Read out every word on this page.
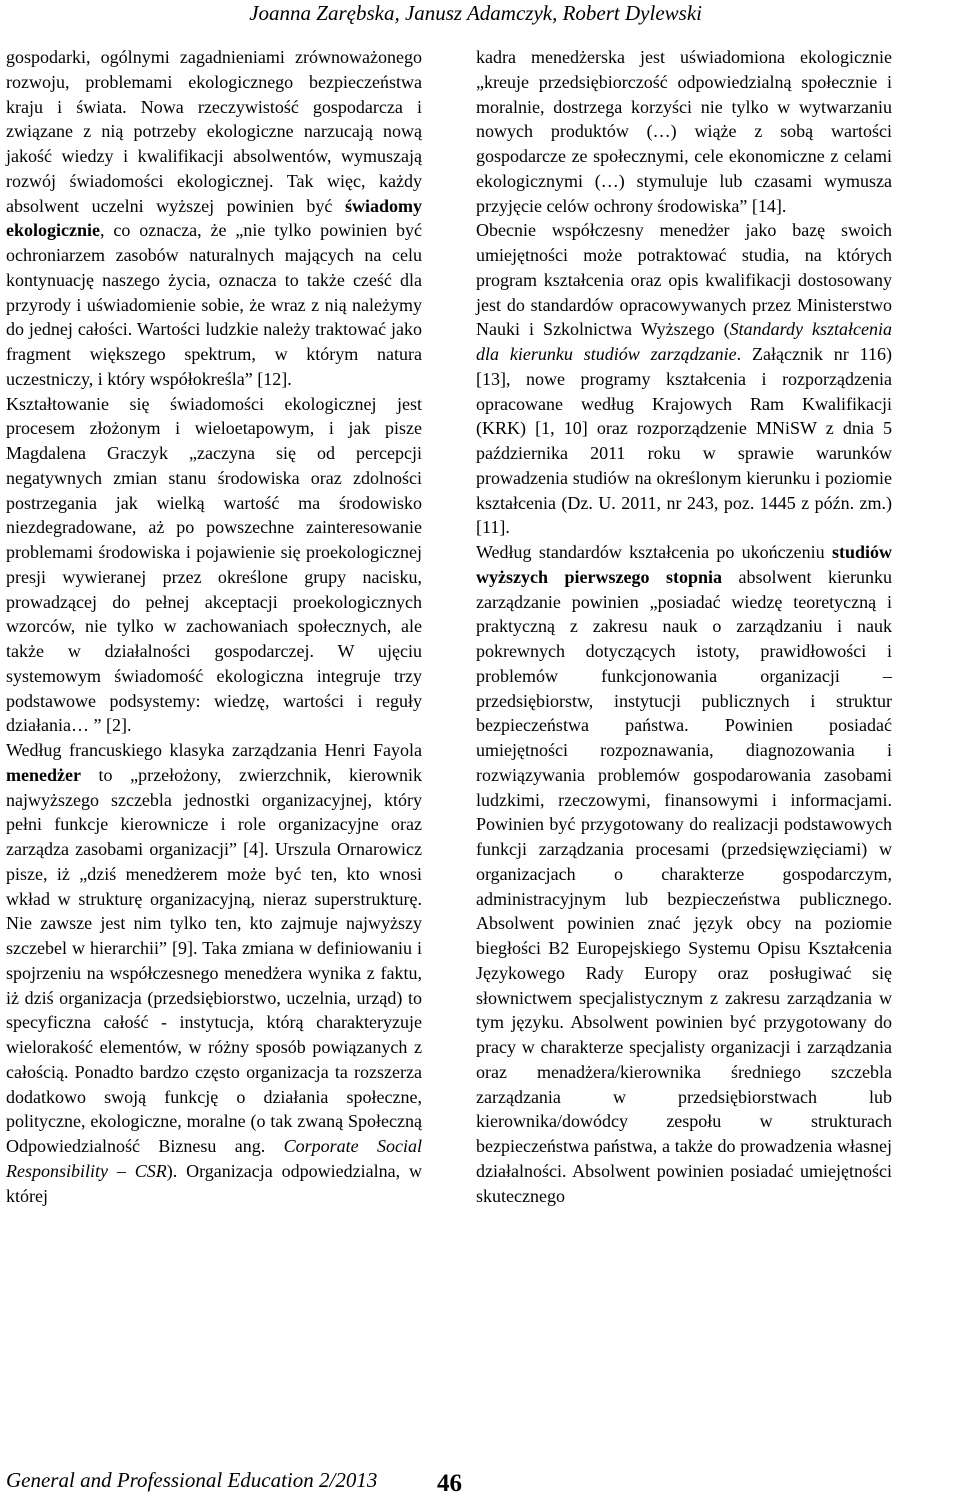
Joanna Zarębska, Janusz Adamczyk, Robert Dylewski

gospodarki, ogólnymi zagadnieniami zrównoważonego rozwoju, problemami ekologicznego bezpieczeństwa kraju i świata. Nowa rzeczywistość gospodarcza i związane z nią potrzeby ekologiczne narzucają nową jakość wiedzy i kwalifikacji absolwentów, wymuszają rozwój świadomości ekologicznej. Tak więc, każdy absolwent uczelni wyższej powinien być świadomy ekologicznie, co oznacza, że „nie tylko powinien być ochroniarzem zasobów naturalnych mających na celu kontynuację naszego życia, oznacza to także cześć dla przyrody i uświadomienie sobie, że wraz z nią należymy do jednej całości. Wartości ludzkie należy traktować jako fragment większego spektrum, w którym natura uczestniczy, i który współokreśla” [12].

Kształtowanie się świadomości ekologicznej jest procesem złożonym i wieloetapowym, i jak pisze Magdalena Graczyk „zaczyna się od percepcji negatywnych zmian stanu środowiska oraz zdolności postrzegania jak wielką wartość ma środowisko niezdegradowane, aż po powszechne zainteresowanie problemami środowiska i pojawienie się proekologicznej presji wywieranej przez określone grupy nacisku, prowadzącej do pełnej akceptacji proekologicznych wzorców, nie tylko w zachowaniach społecznych, ale także w działalności gospodarczej. W ujęciu systemowym świadomość ekologiczna integruje trzy podstawowe podsystemy: wiedzę, wartości i reguły działania… ” [2].

Według francuskiego klasyka zarządzania Henri Fayola menedżer to „przełożony, zwierzchnik, kierownik najwyższego szczebla jednostki organizacyjnej, który pełni funkcje kierownicze i role organizacyjne oraz zarządza zasobami organizacji” [4]. Urszula Ornarowicz pisze, iż „dziś menedżerem może być ten, kto wnosi wkład w strukturę organizacyjną, nieraz superstrukturę. Nie zawsze jest nim tylko ten, kto zajmuje najwyższy szczebel w hierarchii” [9]. Taka zmiana w definiowaniu i spojrzeniu na współczesnego menedżera wynika z faktu, iż dziś organizacja (przedsiębiorstwo, uczelnia, urząd) to specyficzna całość - instytucja, którą charakteryzuje wielorakość elementów, w różny sposób powiązanych z całością. Ponadto bardzo często organizacja ta rozszerza dodatkowo swoją funkcję o działania społeczne, polityczne, ekologiczne, moralne (o tak zwaną Społeczną Odpowiedzialność Biznesu ang. Corporate Social Responsibility – CSR). Organizacja odpowiedzialna, w której

kadra menedżerska jest uświadomiona ekologicznie „kreuje przedsiębiorczość odpowiedzialną społecznie i moralnie, dostrzega korzyści nie tylko w wytwarzaniu nowych produktów (…) wiąże z sobą wartości gospodarcze ze społecznymi, cele ekonomiczne z celami ekologicznymi (…) stymuluje lub czasami wymusza przyjęcie celów ochrony środowiska” [14].

Obecnie współczesny menedżer jako bazę swoich umiejętności może potraktować studia, na których program kształcenia oraz opis kwalifikacji dostosowany jest do standardów opracowywanych przez Ministerstwo Nauki i Szkolnictwa Wyższego (Standardy kształcenia dla kierunku studiów zarządzanie. Załącznik nr 116) [13], nowe programy kształcenia i rozporządzenia opracowane według Krajowych Ram Kwalifikacji (KRK) [1, 10] oraz rozporządzenie MNiSW z dnia 5 października 2011 roku w sprawie warunków prowadzenia studiów na określonym kierunku i poziomie kształcenia (Dz. U. 2011, nr 243, poz. 1445 z późn. zm.) [11].

Według standardów kształcenia po ukończeniu studiów wyższych pierwszego stopnia absolwent kierunku zarządzanie powinien „posiadać wiedzę teoretyczną i praktyczną z zakresu nauk o zarządzaniu i nauk pokrewnych dotyczących istoty, prawidłowości i problemów funkcjonowania organizacji – przedsiębiorstw, instytucji publicznych i struktur bezpieczeństwa państwa. Powinien posiadać umiejętności rozpoznawania, diagnozowania i rozwiązywania problemów gospodarowania zasobami ludzkimi, rzeczowymi, finansowymi i informacjami. Powinien być przygotowany do realizacji podstawowych funkcji zarządzania procesami (przedsięwzięciami) w organizacjach o charakterze gospodarczym, administracyjnym lub bezpieczeństwa publicznego. Absolwent powinien znać język obcy na poziomie biegłości B2 Europejskiego Systemu Opisu Kształcenia Językowego Rady Europy oraz posługiwać się słownictwem specjalistycznym z zakresu zarządzania w tym języku. Absolwent powinien być przygotowany do pracy w charakterze specjalisty organizacji i zarządzania oraz menadżera/kierownika średniego szczebla zarządzania w przedsiębiorstwach lub kierownika/dowódcy zespołu w strukturach bezpieczeństwa państwa, a także do prowadzenia własnej działalności. Absolwent powinien posiadać umiejętności skutecznego

General and Professional Education 2/2013 46
